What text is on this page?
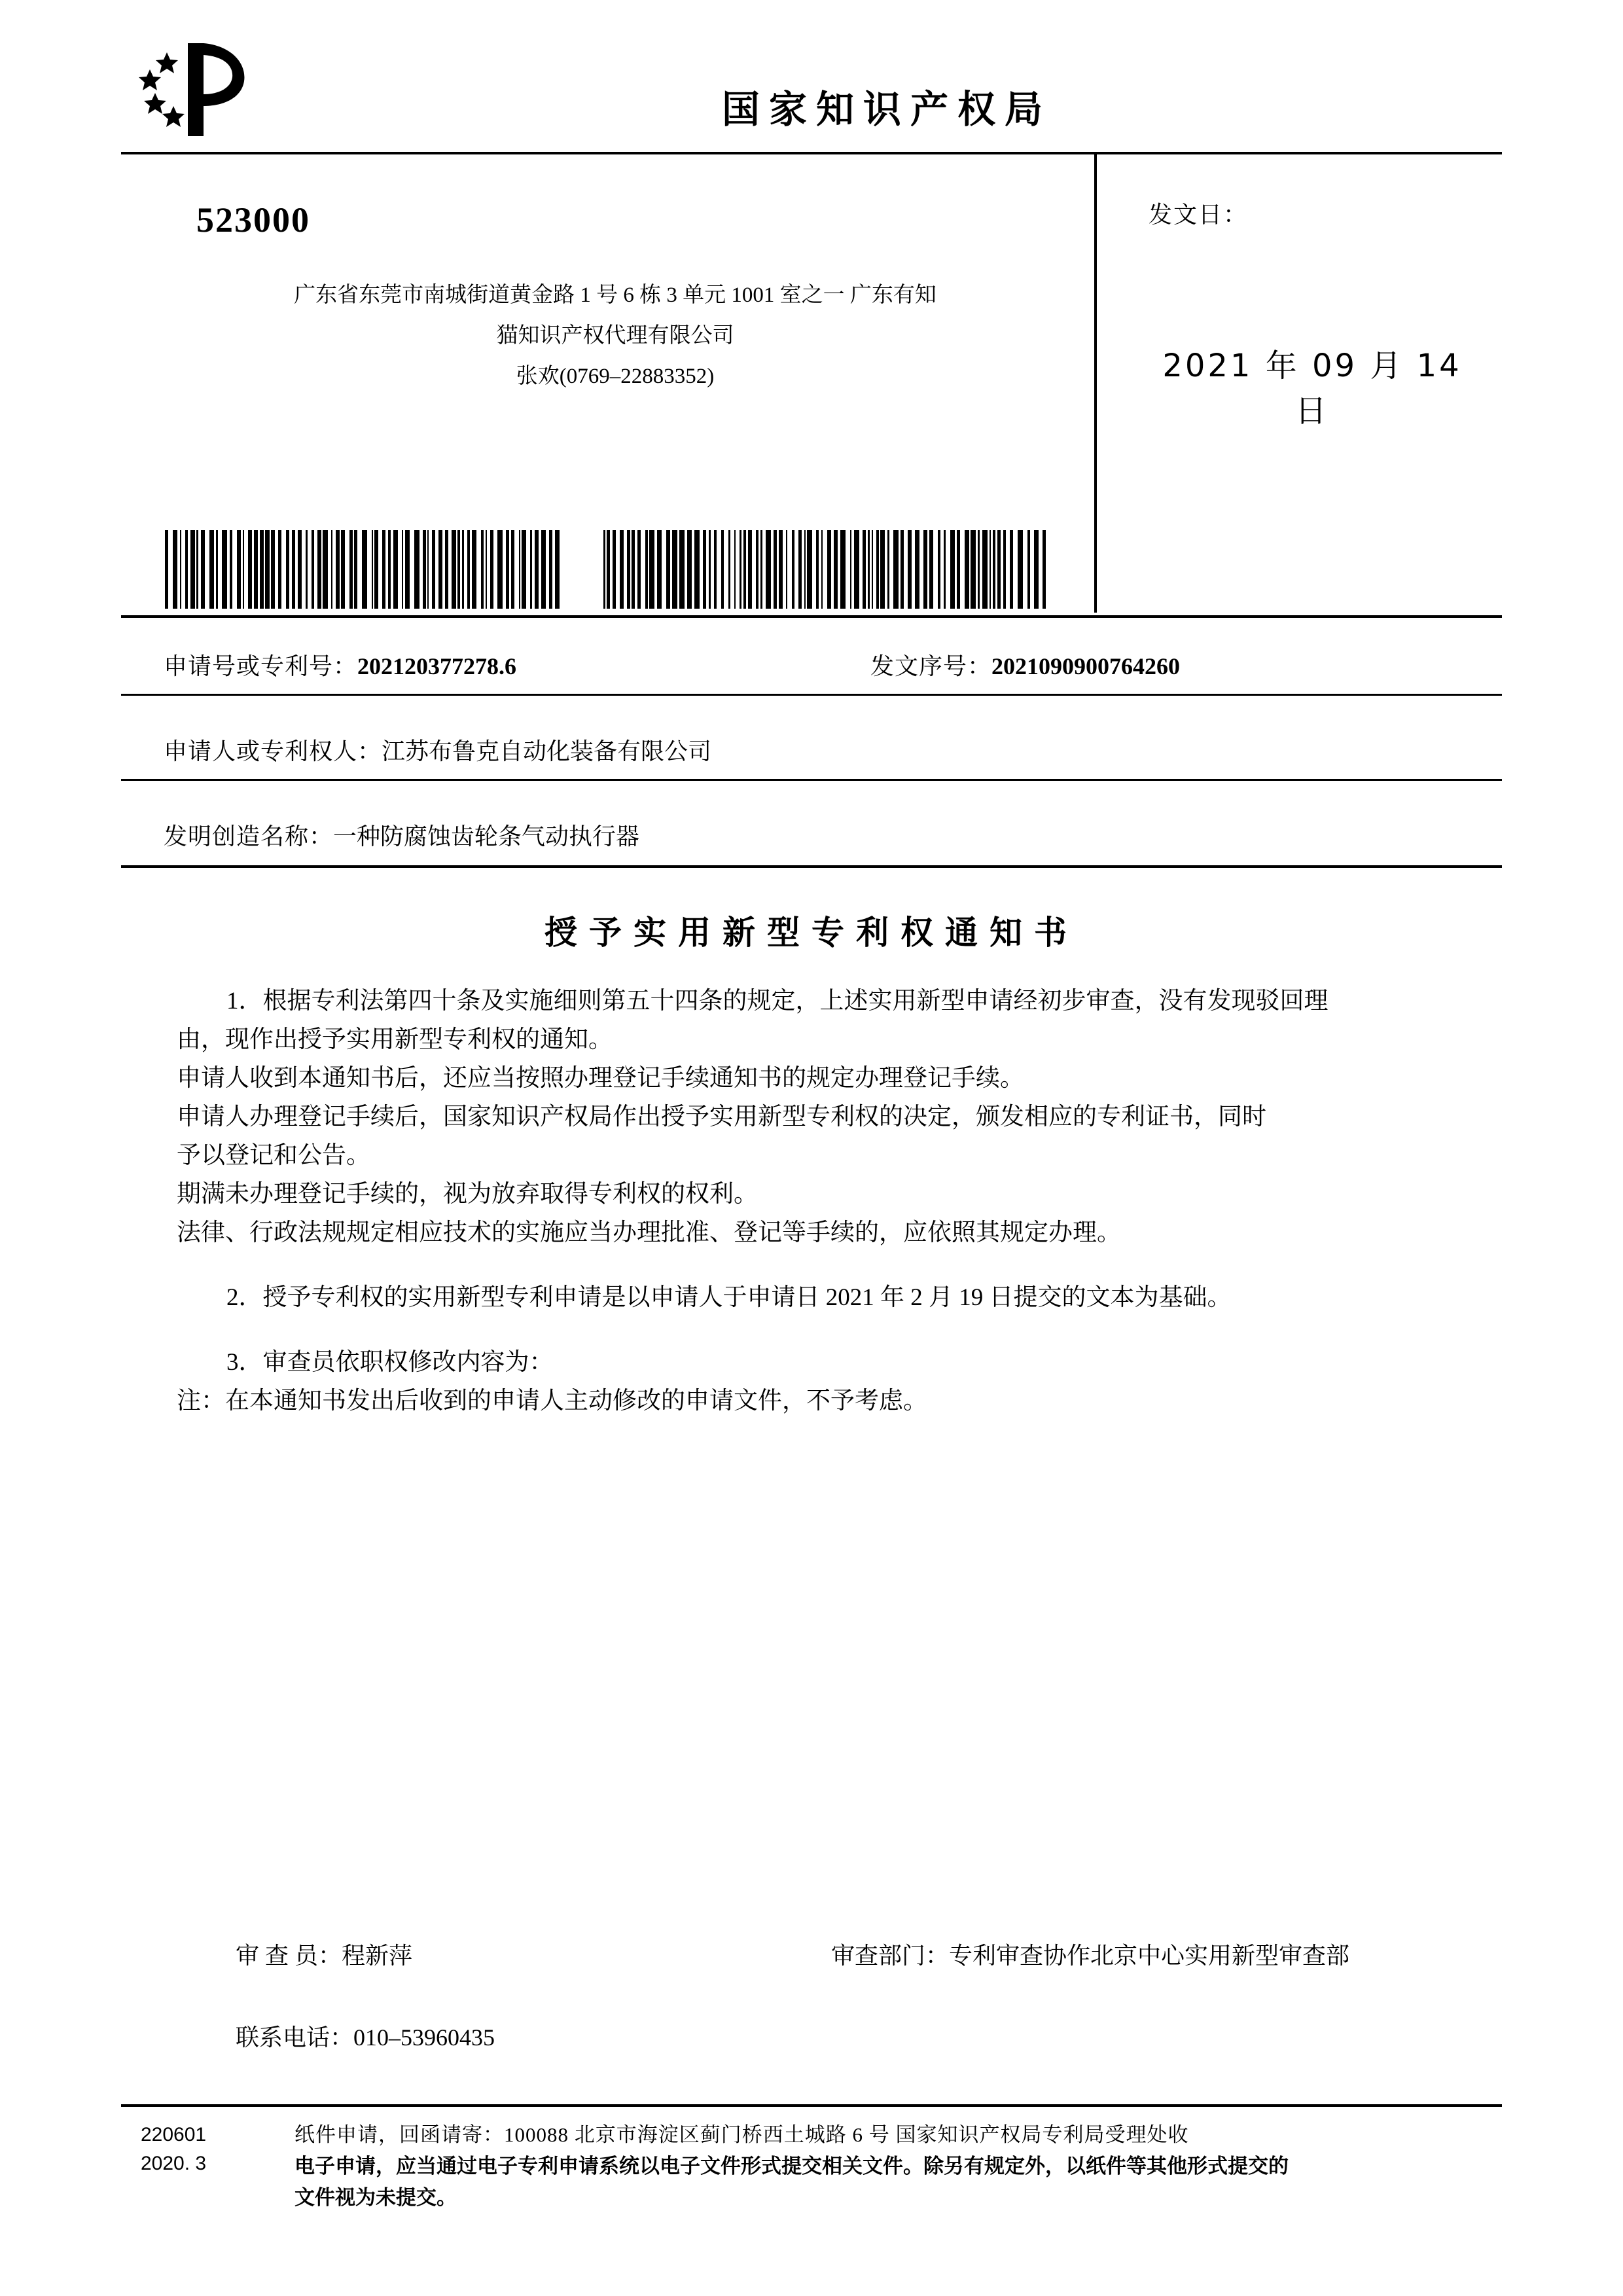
国家知识产权局
523000
广东省东莞市南城街道黄金路 1 号 6 栋 3 单元 1001 室之一 广东有知
猫知识产权代理有限公司
张欢(0769–22883352)
发文日：
2021 年 09 月 14 日
申请号或专利号：202120377278.6	发文序号：2021090900764260
申请人或专利权人：江苏布鲁克自动化装备有限公司
发明创造名称：一种防腐蚀齿轮条气动执行器
授予实用新型专利权通知书

1．根据专利法第四十条及实施细则第五十四条的规定，上述实用新型申请经初步审查，没有发现驳回理

由，现作出授予实用新型专利权的通知。

申请人收到本通知书后，还应当按照办理登记手续通知书的规定办理登记手续。

申请人办理登记手续后，国家知识产权局作出授予实用新型专利权的决定，颁发相应的专利证书，同时

予以登记和公告。

期满未办理登记手续的，视为放弃取得专利权的权利。

法律、行政法规规定相应技术的实施应当办理批准、登记等手续的，应依照其规定办理。

2．授予专利权的实用新型专利申请是以申请人于申请日 2021 年 2 月 19 日提交的文本为基础。

3．审查员依职权修改内容为：

注：在本通知书发出后收到的申请人主动修改的申请文件，不予考虑。

审 查 员：程新萍	审查部门：专利审查协作北京中心实用新型审查部
联系电话：010–53960435
220601
2020. 3

纸件申请，回函请寄：100088 北京市海淀区蓟门桥西土城路 6 号 国家知识产权局专利局受理处收

电子申请，应当通过电子专利申请系统以电子文件形式提交相关文件。除另有规定外，以纸件等其他形式提交的

文件视为未提交。
